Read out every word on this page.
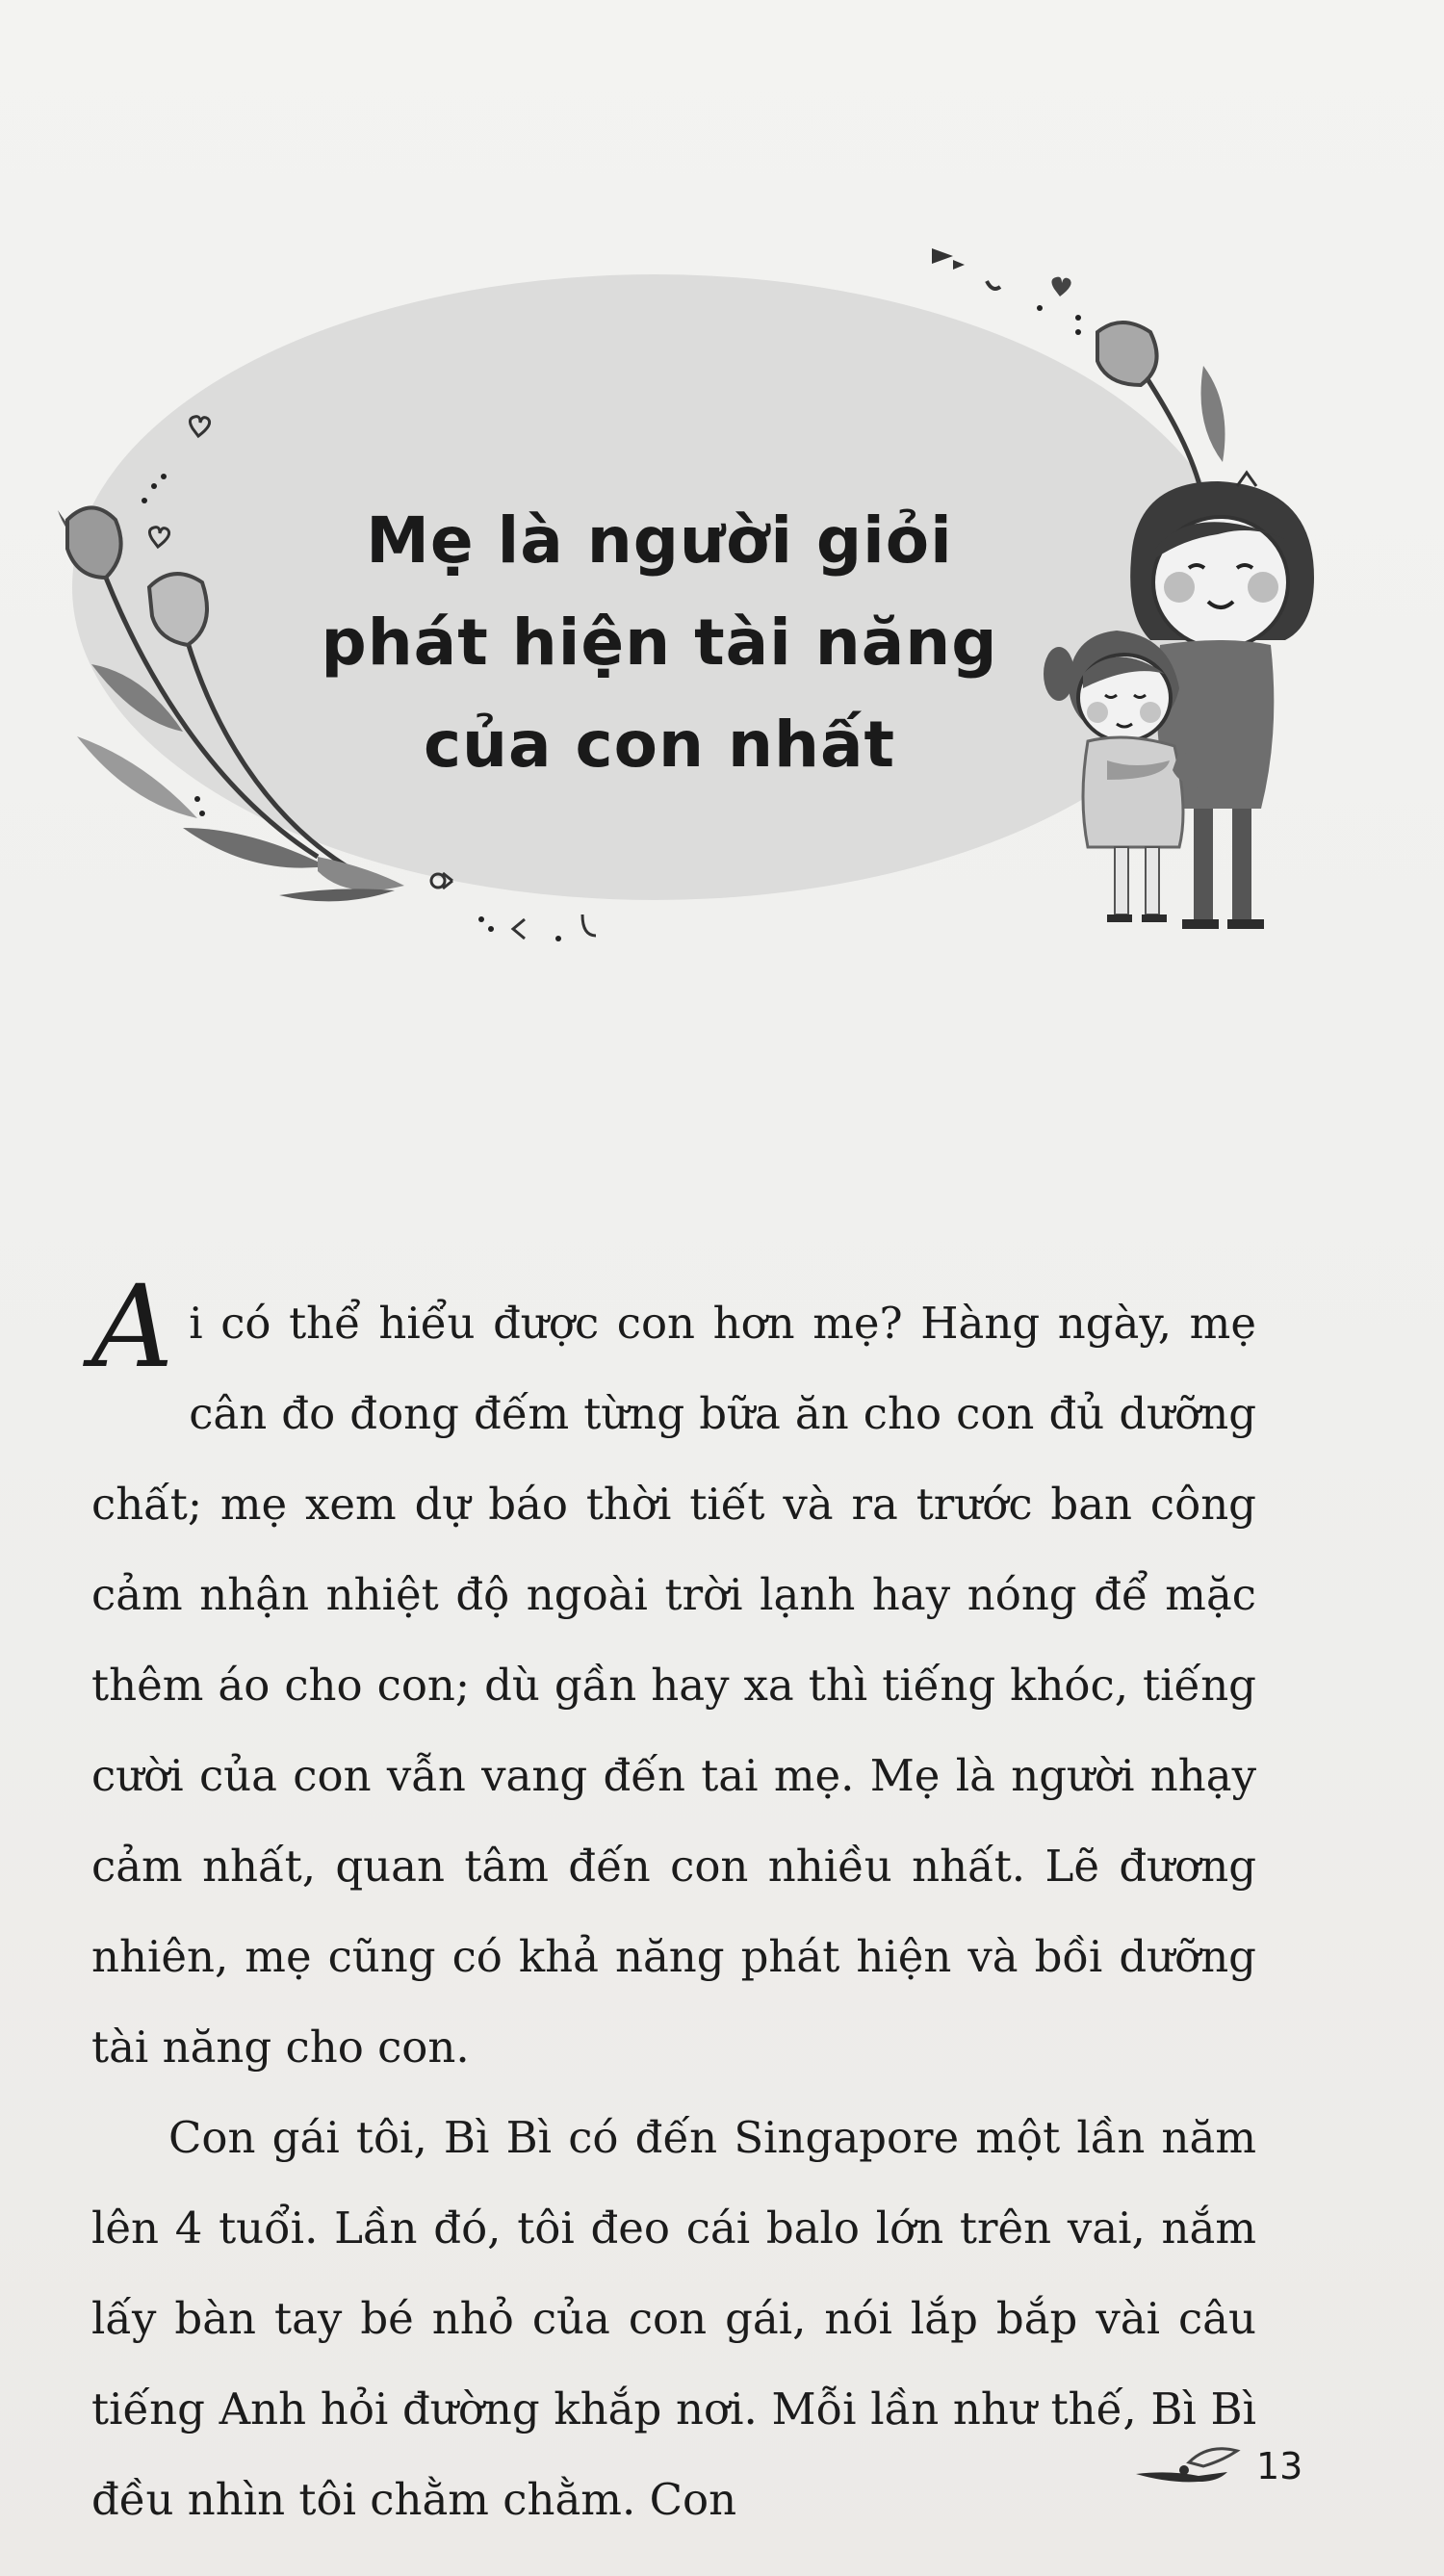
Mẹ là người giỏi
phát hiện tài năng
của con nhất

Ai có thể hiểu được con hơn mẹ? Hàng ngày, mẹ cân đo đong đếm từng bữa ăn cho con đủ dưỡng chất; mẹ xem dự báo thời tiết và ra trước ban công cảm nhận nhiệt độ ngoài trời lạnh hay nóng để mặc thêm áo cho con; dù gần hay xa thì tiếng khóc, tiếng cười của con vẫn vang đến tai mẹ. Mẹ là người nhạy cảm nhất, quan tâm đến con nhiều nhất. Lẽ đương nhiên, mẹ cũng có khả năng phát hiện và bồi dưỡng tài năng cho con.

Con gái tôi, Bì Bì có đến Singapore một lần năm lên 4 tuổi. Lần đó, tôi đeo cái balo lớn trên vai, nắm lấy bàn tay bé nhỏ của con gái, nói lắp bắp vài câu tiếng Anh hỏi đường khắp nơi. Mỗi lần như thế, Bì Bì đều nhìn tôi chằm chằm. Con

13
